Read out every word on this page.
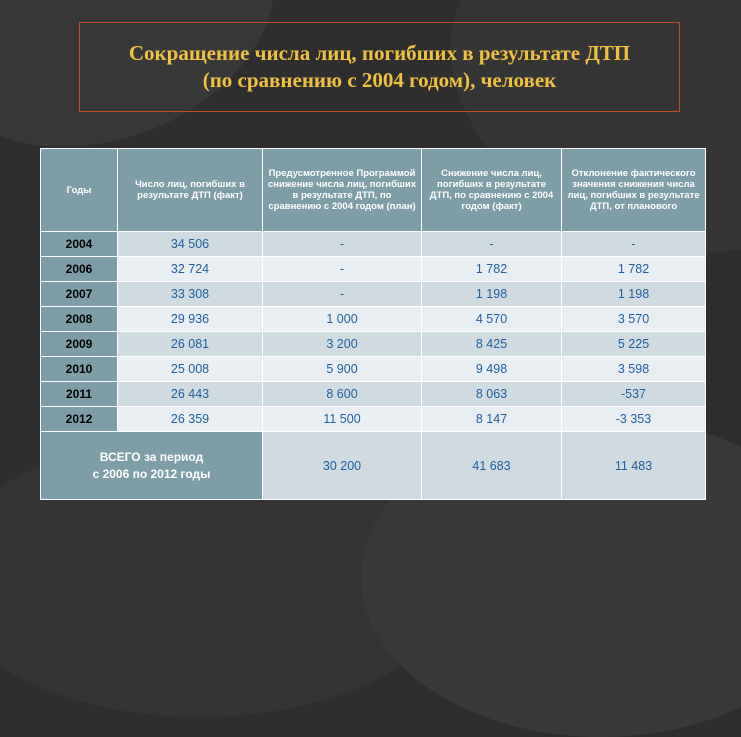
Сокращение числа лиц, погибших в результате ДТП
(по сравнению с 2004 годом), человек
Годы	Число лиц, погибших в результате ДТП (факт)	Предусмотренное Программой снижение числа лиц, погибших в результате ДТП, по сравнению с 2004 годом (план)	Снижение числа лиц, погибших в результате ДТП, по сравнению с 2004 годом (факт)	Отклонение фактического значения снижения числа лиц, погибших в результате ДТП, от планового
2004	34 506	-	-	-
2006	32 724	-	1 782	1 782
2007	33 308	-	1 198	1 198
2008	29 936	1 000	4 570	3 570
2009	26 081	3 200	8 425	5 225
2010	25 008	5 900	9 498	3 598
2011	26 443	8 600	8 063	-537
2012	26 359	11 500	8 147	-3 353

ВСЕГО за период
с 2006 по 2012 годы		30 200	41 683	11 483
